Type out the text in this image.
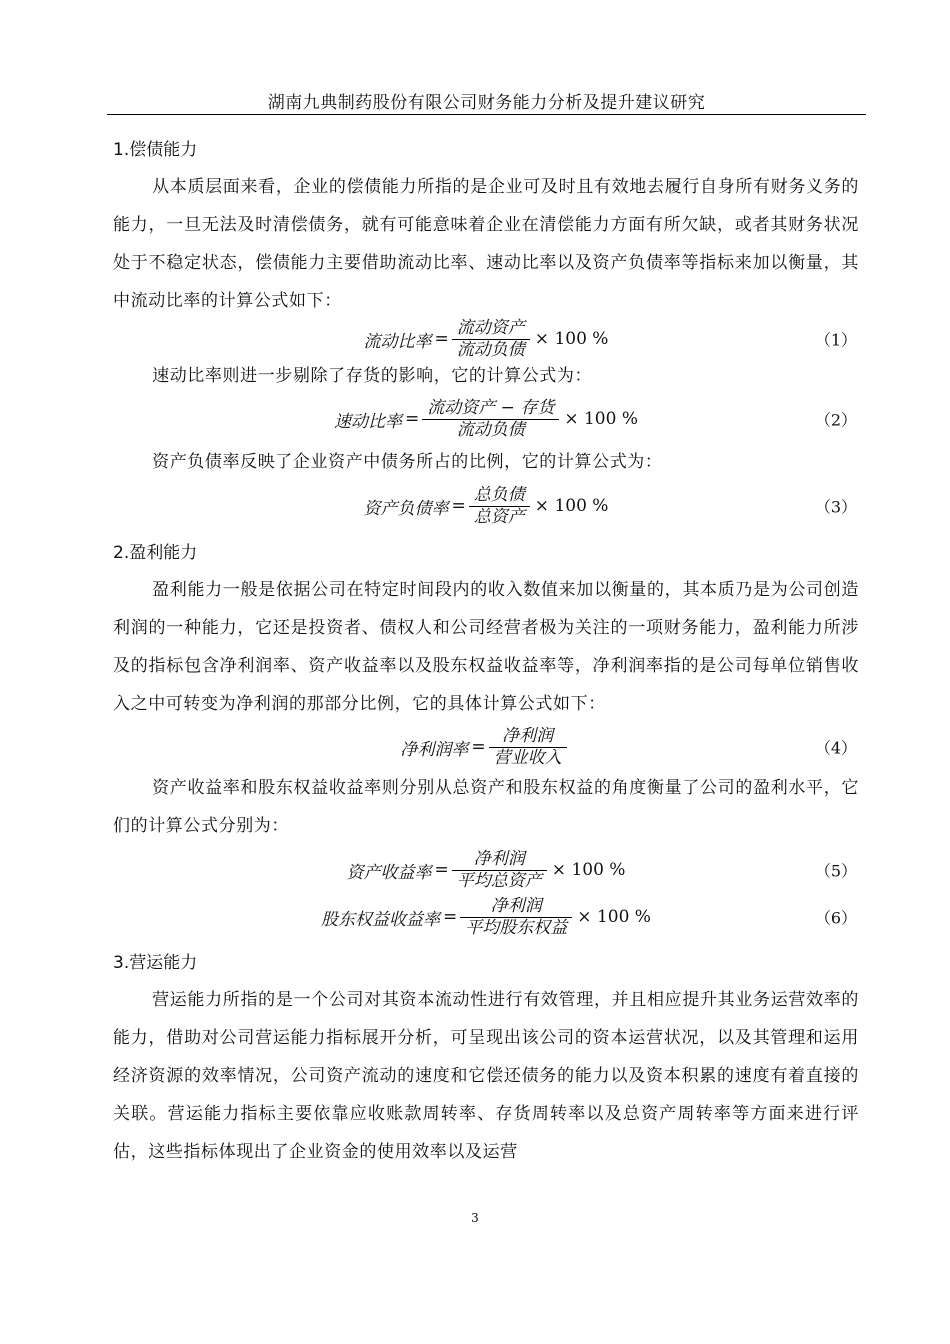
湖南九典制药股份有限公司财务能力分析及提升建议研究
1.偿债能力

从本质层面来看，企业的偿债能力所指的是企业可及时且有效地去履行自身所有财务义务的能力，一旦无法及时清偿债务，就有可能意味着企业在清偿能力方面有所欠缺，或者其财务状况处于不稳定状态，偿债能力主要借助流动比率、速动比率以及资产负债率等指标来加以衡量，其中流动比率的计算公式如下：

流动比率 = $\frac{\text{流动资产}}{\text{流动负债}} \times 100$ %	（1）

速动比率则进一步剔除了存货的影响，它的计算公式为：

速动比率 = $\frac{\text{流动资产 − 存货}}{\text{流动负债}} \times 100$ %	（2）

资产负债率反映了企业资产中债务所占的比例，它的计算公式为：

资产负债率 = $\frac{\text{总负债}}{\text{总资产}} \times 100$ %	（3）
2.盈利能力

盈利能力一般是依据公司在特定时间段内的收入数值来加以衡量的，其本质乃是为公司创造利润的一种能力，它还是投资者、债权人和公司经营者极为关注的一项财务能力，盈利能力所涉及的指标包含净利润率、资产收益率以及股东权益收益率等，净利润率指的是公司每单位销售收入之中可转变为净利润的那部分比例，它的具体计算公式如下：

净利润率 = $\frac{\text{净利润}}{\text{营业收入}}$	（4）

资产收益率和股东权益收益率则分别从总资产和股东权益的角度衡量了公司的盈利水平，它们的计算公式分别为：

资产收益率 = $\frac{\text{净利润}}{\text{平均总资产}} \times 100$ %	（5）
股东权益收益率 = $\frac{\text{净利润}}{\text{平均股东权益}} \times 100$ %	（6）
3.营运能力

营运能力所指的是一个公司对其资本流动性进行有效管理，并且相应提升其业务运营效率的能力，借助对公司营运能力指标展开分析，可呈现出该公司的资本运营状况，以及其管理和运用经济资源的效率情况，公司资产流动的速度和它偿还债务的能力以及资本积累的速度有着直接的关联。营运能力指标主要依靠应收账款周转率、存货周转率以及总资产周转率等方面来进行评估，这些指标体现出了企业资金的使用效率以及运营

3
